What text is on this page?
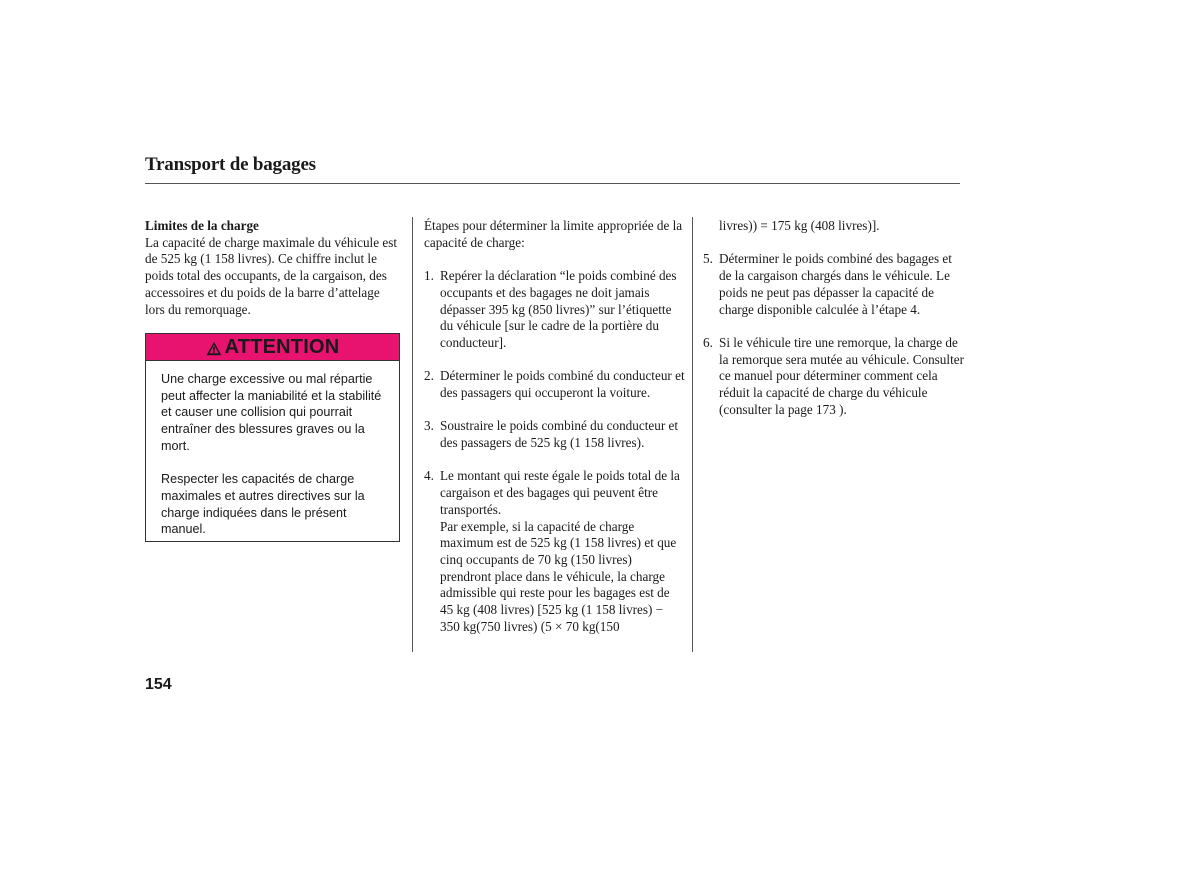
Transport de bagages

Limites de la charge

La capacité de charge maximale du véhicule est de 525 kg (1 158 livres). Ce chiffre inclut le poids total des occupants, de la cargaison, des accessoires et du poids de la barre d’attelage lors du remorquage.

ATTENTION

Une charge excessive ou mal répartie peut affecter la maniabilité et la stabilité et causer une collision qui pourrait entraîner des blessures graves ou la mort.

Respecter les capacités de charge maximales et autres directives sur la charge indiquées dans le présent manuel.

Étapes pour déterminer la limite appropriée de la capacité de charge:

1. Repérer la déclaration “le poids combiné des occupants et des bagages ne doit jamais dépasser 395 kg (850 livres)” sur l’étiquette du véhicule [sur le cadre de la portière du conducteur].
2. Déterminer le poids combiné du conducteur et des passagers qui occuperont la voiture.
3. Soustraire le poids combiné du conducteur et des passagers de 525 kg (1 158 livres).
4. Le montant qui reste égale le poids total de la cargaison et des bagages qui peuvent être transportés.
Par exemple, si la capacité de charge maximum est de 525 kg (1 158 livres) et que cinq occupants de 70 kg (150 livres) prendront place dans le véhicule, la charge admissible qui reste pour les bagages est de 45 kg (408 livres) [525 kg (1 158 livres) − 350 kg(750 livres) (5 × 70 kg(150

livres)) = 175 kg (408 livres)].

5. Déterminer le poids combiné des bagages et de la cargaison chargés dans le véhicule. Le poids ne peut pas dépasser la capacité de charge disponible calculée à l’étape 4.
6. Si le véhicule tire une remorque, la charge de la remorque sera mutée au véhicule. Consulter ce manuel pour déterminer comment cela réduit la capacité de charge du véhicule (consulter la page 173 ).
154
